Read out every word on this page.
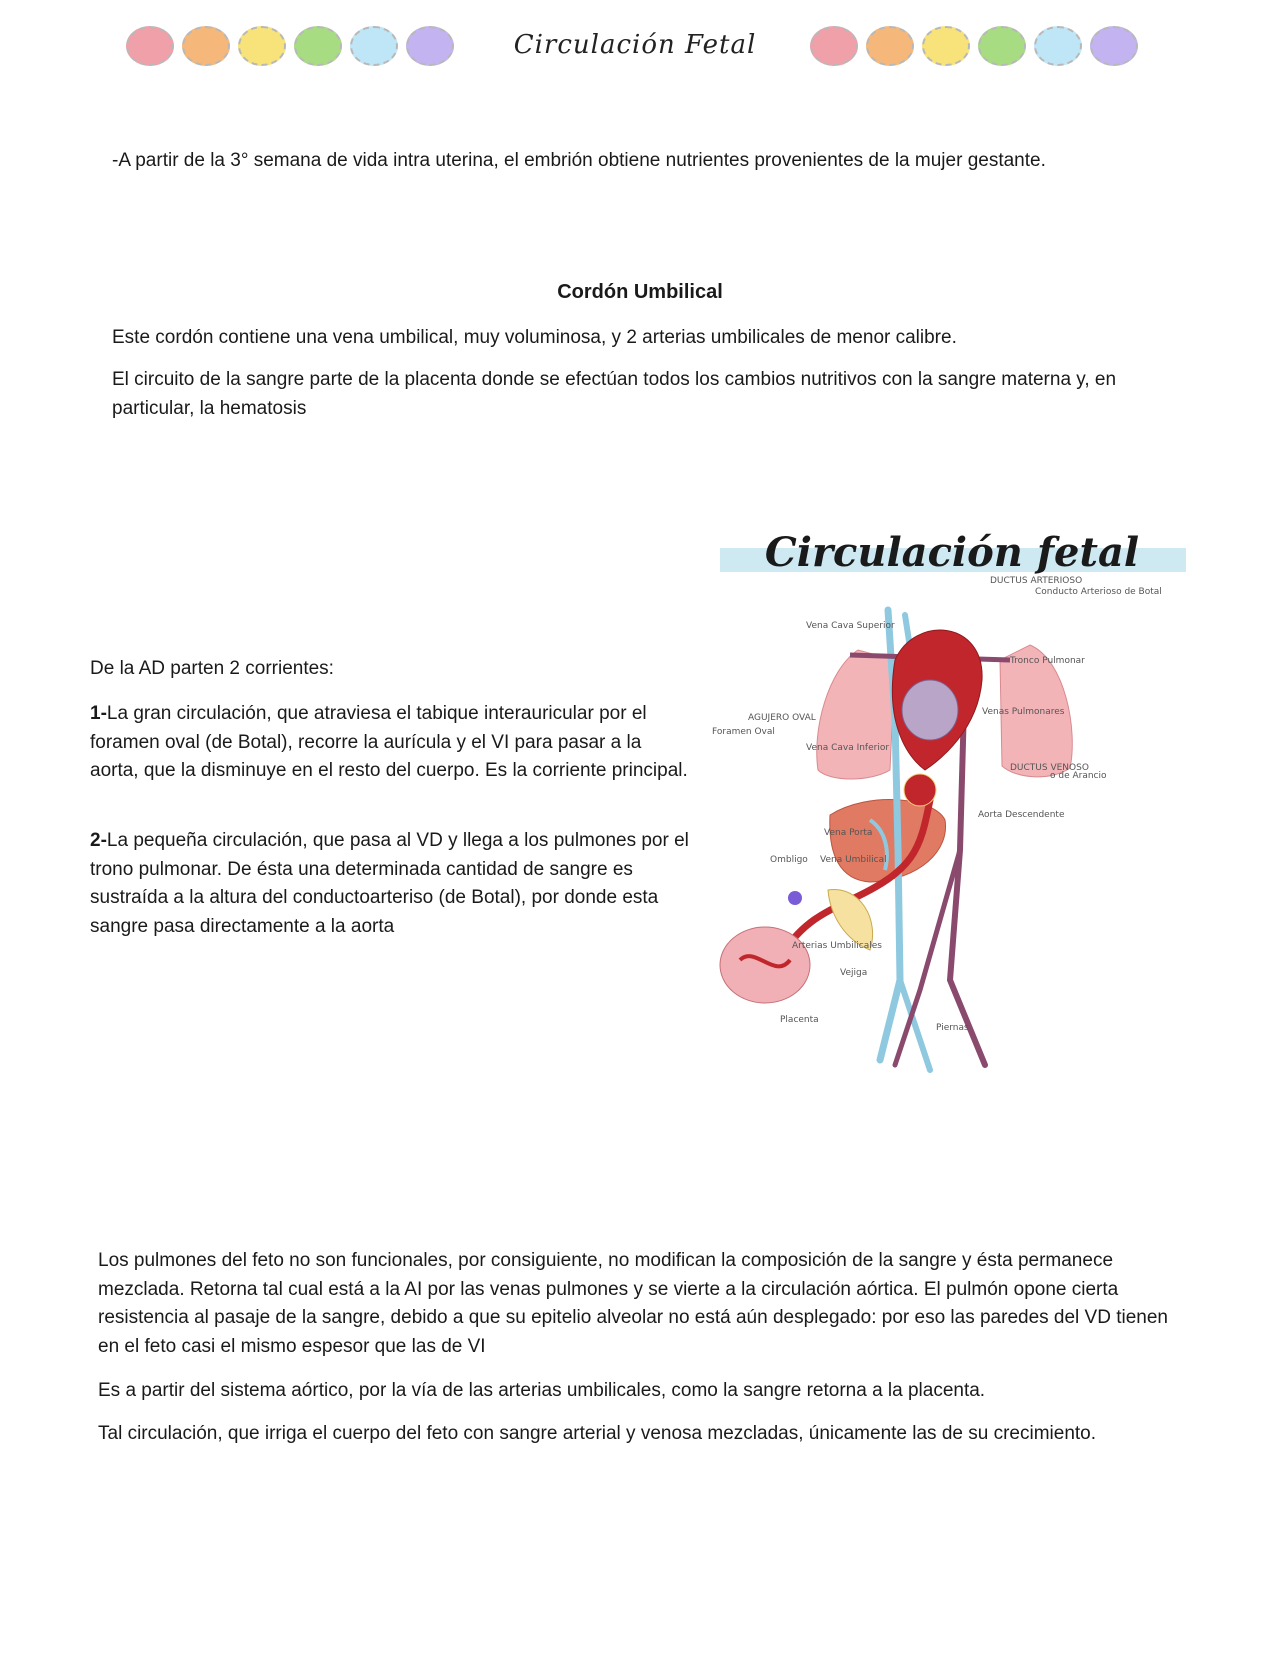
Circulación Fetal
-A partir de la 3° semana de vida intra uterina, el embrión obtiene nutrientes provenientes de la mujer gestante.
Cordón Umbilical
Este cordón contiene una vena umbilical, muy voluminosa, y 2 arterias umbilicales de menor calibre.
El circuito de la sangre parte de la placenta donde se efectúan todos los cambios nutritivos con la sangre materna y, en particular, la hematosis
De la AD parten 2 corrientes:
1-La gran circulación, que atraviesa el tabique interauricular por el foramen oval (de Botal), recorre la aurícula y el VI para pasar a la aorta, que la disminuye en el resto del cuerpo. Es la corriente principal.
2-La pequeña circulación, que pasa al VD y llega a los pulmones por el trono pulmonar. De ésta una determinada cantidad de sangre es sustraída a la altura del conductoarteriso (de Botal), por donde esta sangre pasa directamente a la aorta
Circulación fetal
DUCTUS ARTERIOSO
Conducto Arterioso de Botal
Vena Cava Superior
Tronco Pulmonar
AGUJERO OVAL
Foramen Oval
Venas Pulmonares
Vena Cava Inferior
DUCTUS VENOSO
o de Arancio
Aorta Descendente
Vena Porta
Ombligo Vena Umbilical
Arterias Umbilicales
Vejiga
Placenta
Piernas
Los pulmones del feto no son funcionales, por consiguiente, no modifican la composición de la sangre y ésta permanece mezclada. Retorna tal cual está a la AI por las venas pulmones y se vierte a la circulación aórtica. El pulmón opone cierta resistencia al pasaje de la sangre, debido a que su epitelio alveolar no está aún desplegado: por eso las paredes del VD tienen en el feto casi el mismo espesor que las de VI
Es a partir del sistema aórtico, por la vía de las arterias umbilicales, como la sangre retorna a la placenta.
Tal circulación, que irriga el cuerpo del feto con sangre arterial y venosa mezcladas, únicamente las de su crecimiento.
